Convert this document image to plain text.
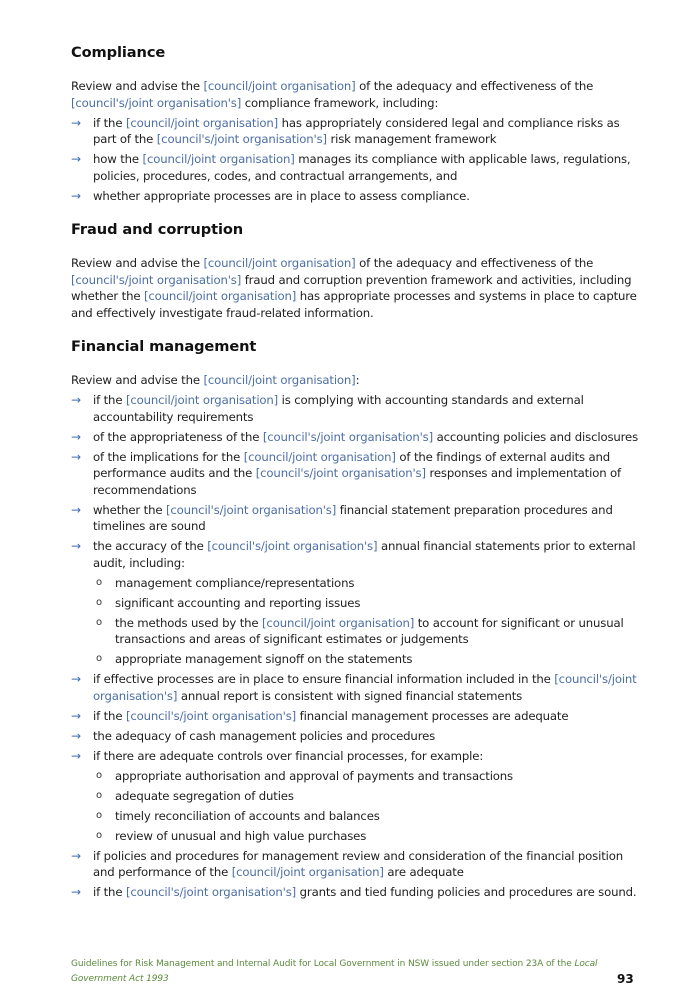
Compliance

Review and advise the [council/joint organisation] of the adequacy and effectiveness of the [council's/joint organisation's] compliance framework, including:

→ if the [council/joint organisation] has appropriately considered legal and compliance risks as part of the [council's/joint organisation's] risk management framework
→ how the [council/joint organisation] manages its compliance with applicable laws, regulations, policies, procedures, codes, and contractual arrangements, and
→ whether appropriate processes are in place to assess compliance.
Fraud and corruption

Review and advise the [council/joint organisation] of the adequacy and effectiveness of the [council's/joint organisation's] fraud and corruption prevention framework and activities, including whether the [council/joint organisation] has appropriate processes and systems in place to capture and effectively investigate fraud-related information.

Financial management

Review and advise the [council/joint organisation]:

→ if the [council/joint organisation] is complying with accounting standards and external accountability requirements
→ of the appropriateness of the [council's/joint organisation's] accounting policies and disclosures
→ of the implications for the [council/joint organisation] of the findings of external audits and performance audits and the [council's/joint organisation's] responses and implementation of recommendations
→ whether the [council's/joint organisation's] financial statement preparation procedures and timelines are sound
→ the accuracy of the [council's/joint organisation's] annual financial statements prior to external audit, including:
o management compliance/representations
o significant accounting and reporting issues
o the methods used by the [council/joint organisation] to account for significant or unusual transactions and areas of significant estimates or judgements
o appropriate management signoff on the statements
→ if effective processes are in place to ensure financial information included in the [council's/joint organisation's] annual report is consistent with signed financial statements
→ if the [council's/joint organisation's] financial management processes are adequate
→ the adequacy of cash management policies and procedures
→ if there are adequate controls over financial processes, for example:
o appropriate authorisation and approval of payments and transactions
o adequate segregation of duties
o timely reconciliation of accounts and balances
o review of unusual and high value purchases
→ if policies and procedures for management review and consideration of the financial position and performance of the [council/joint organisation] are adequate
→ if the [council's/joint organisation's] grants and tied funding policies and procedures are sound.
Guidelines for Risk Management and Internal Audit for Local Government in NSW issued under section 23A of the Local Government Act 1993	93
